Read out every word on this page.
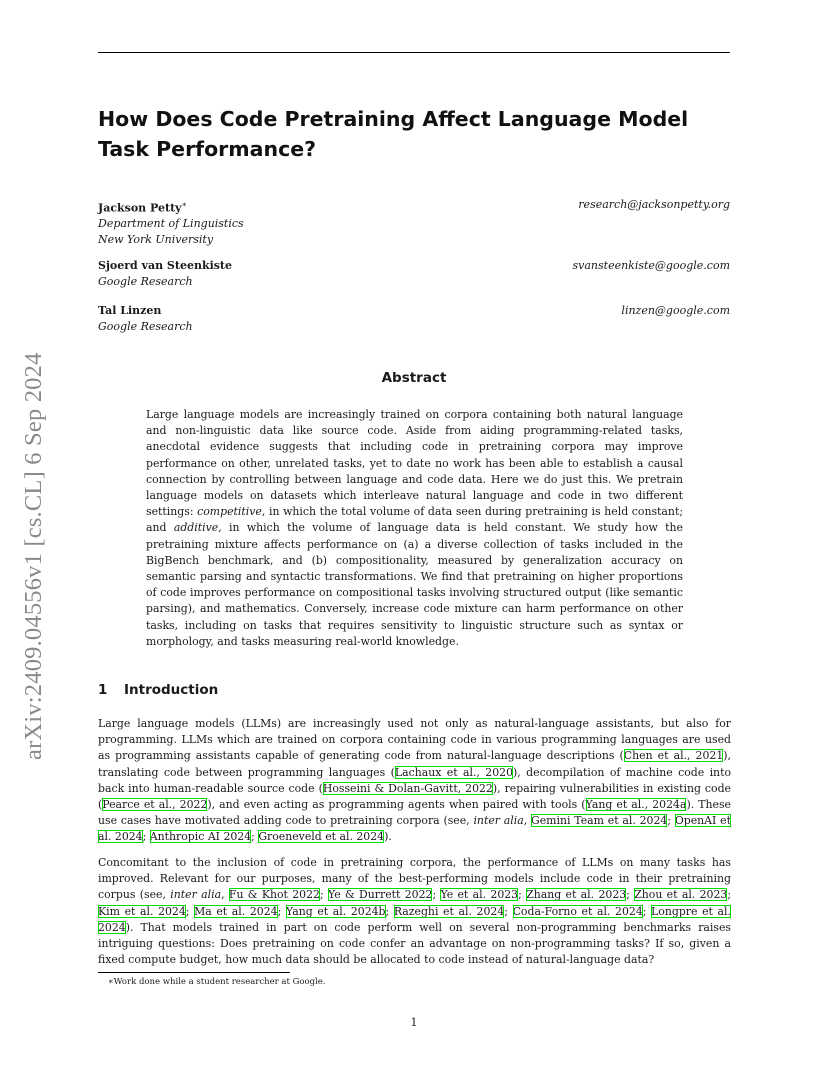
arXiv:2409.04556v1 [cs.CL] 6 Sep 2024
How Does Code Pretraining Affect Language Model Task Performance?
Jackson Petty∗
Department of Linguistics
New York University
research@jacksonpetty.org
Sjoerd van Steenkiste
Google Research
svansteenkiste@google.com
Tal Linzen
Google Research
linzen@google.com
Abstract

Large language models are increasingly trained on corpora containing both natural language and non-linguistic data like source code. Aside from aiding programming-related tasks, anecdotal evidence suggests that including code in pretraining corpora may improve performance on other, unrelated tasks, yet to date no work has been able to establish a causal connection by controlling between language and code data. Here we do just this. We pretrain language models on datasets which interleave natural language and code in two different settings: competitive, in which the total volume of data seen during pretraining is held constant; and additive, in which the volume of language data is held constant. We study how the pretraining mixture affects performance on (a) a diverse collection of tasks included in the BigBench benchmark, and (b) compositionality, measured by generalization accuracy on semantic parsing and syntactic transformations. We find that pretraining on higher proportions of code improves performance on compositional tasks involving structured output (like semantic parsing), and mathematics. Conversely, increase code mixture can harm performance on other tasks, including on tasks that requires sensitivity to linguistic structure such as syntax or morphology, and tasks measuring real-world knowledge.

1 Introduction

Large language models (LLMs) are increasingly used not only as natural-language assistants, but also for programming. LLMs which are trained on corpora containing code in various programming languages are used as programming assistants capable of generating code from natural-language descriptions (Chen et al., 2021), translating code between programming languages (Lachaux et al., 2020), decompilation of machine code into back into human-readable source code (Hosseini & Dolan-Gavitt, 2022), repairing vulnerabilities in existing code (Pearce et al., 2022), and even acting as programming agents when paired with tools (Yang et al., 2024a). These use cases have motivated adding code to pretraining corpora (see, inter alia, Gemini Team et al. 2024; OpenAI et al. 2024; Anthropic AI 2024; Groeneveld et al. 2024).

Concomitant to the inclusion of code in pretraining corpora, the performance of LLMs on many tasks has improved. Relevant for our purposes, many of the best-performing models include code in their pretraining corpus (see, inter alia, Fu & Khot 2022; Ye & Durrett 2022; Ye et al. 2023; Zhang et al. 2023; Zhou et al. 2023; Kim et al. 2024; Ma et al. 2024; Yang et al. 2024b; Razeghi et al. 2024; Coda-Forno et al. 2024; Longpre et al. 2024). That models trained in part on code perform well on several non-programming benchmarks raises intriguing questions: Does pretraining on code confer an advantage on non-programming tasks? If so, given a fixed compute budget, how much data should be allocated to code instead of natural-language data?

∗Work done while a student researcher at Google.
1
